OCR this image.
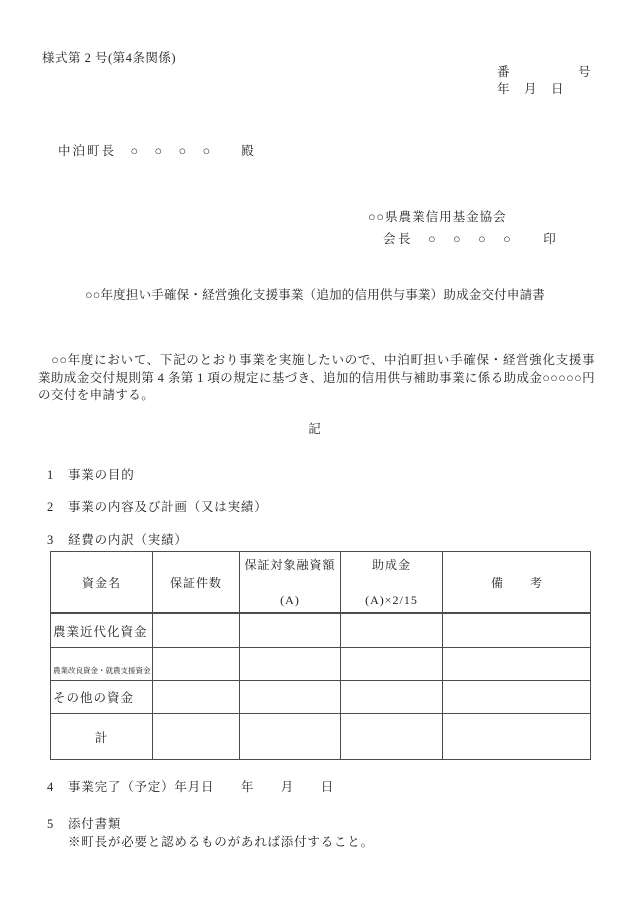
様式第 2 号(第4条関係)
番　　　　　号
年　月　日
中泊町長　○　○　○　○　　殿
○○県農業信用基金協会
会長　○　○　○　○　　印
○○年度担い手確保・経営強化支援事業（追加的信用供与事業）助成金交付申請書
　○○年度において、下記のとおり事業を実施したいので、中泊町担い手確保・経営強化支援事業助成金交付規則第 4 条第 1 項の規定に基づき、追加的信用供与補助事業に係る助成金○○○○○円の交付を申請する。
記
1 事業の目的
2 事業の内容及び計画（又は実績）
3 経費の内訳（実績）
資金名	保証件数
保証対象融資額
(A)
助成金
(A)×2/15
備　　考
農業近代化資金
農業改良資金・就農支援資金
その他の資金
計
4 事業完了（予定）年月日　　年　　月　　日
5 添付書類
※町長が必要と認めるものがあれば添付すること。
